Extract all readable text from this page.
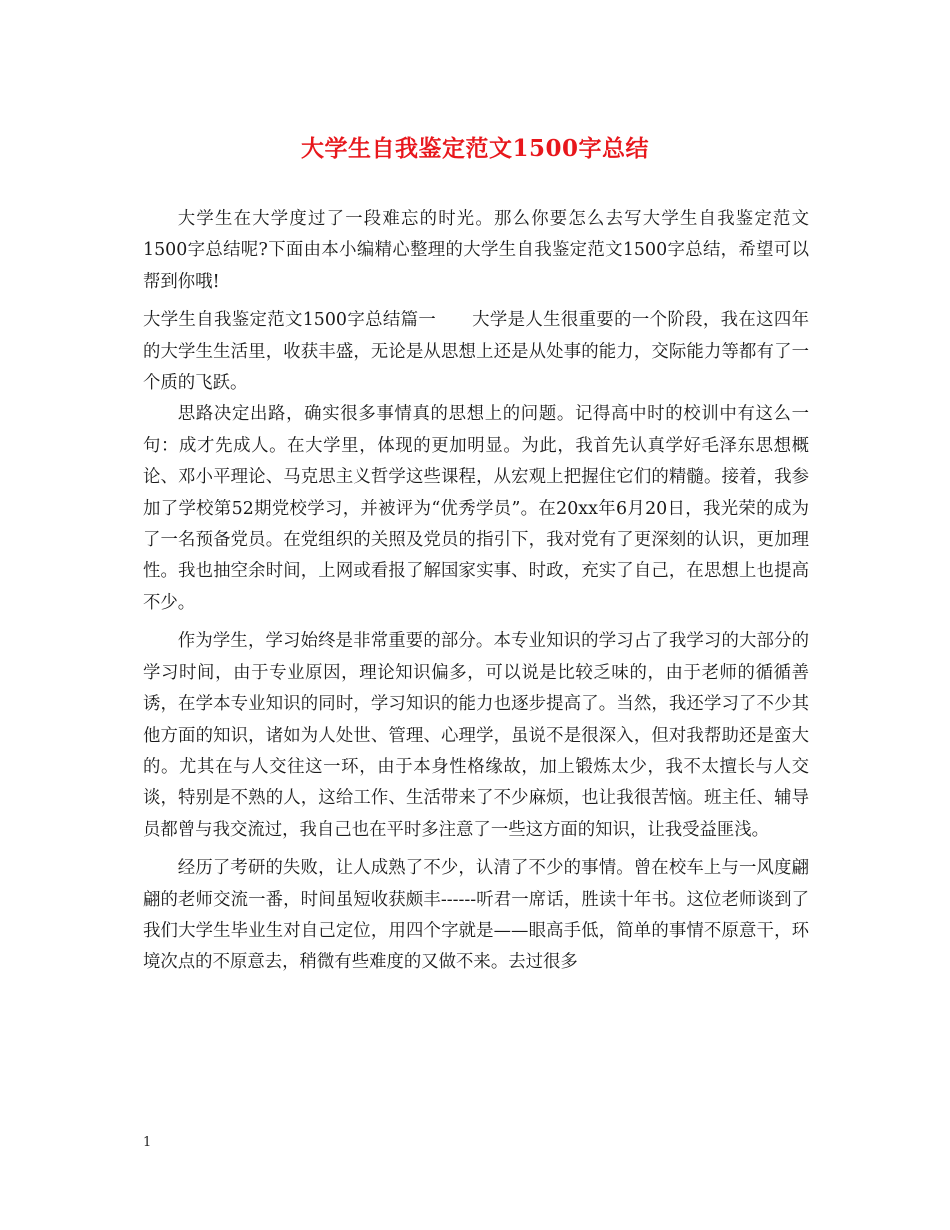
大学生自我鉴定范文1500字总结

大学生在大学度过了一段难忘的时光。那么你要怎么去写大学生自我鉴定范文1500字总结呢?下面由本小编精心整理的大学生自我鉴定范文1500字总结，希望可以帮到你哦!

大学生自我鉴定范文1500字总结篇一 大学是人生很重要的一个阶段，我在这四年的大学生生活里，收获丰盛，无论是从思想上还是从处事的能力，交际能力等都有了一个质的飞跃。

思路决定出路，确实很多事情真的思想上的问题。记得高中时的校训中有这么一句：成才先成人。在大学里，体现的更加明显。为此，我首先认真学好毛泽东思想概论、邓小平理论、马克思主义哲学这些课程，从宏观上把握住它们的精髓。接着，我参加了学校第52期党校学习，并被评为“优秀学员”。在20xx年6月20日，我光荣的成为了一名预备党员。在党组织的关照及党员的指引下，我对党有了更深刻的认识，更加理性。我也抽空余时间，上网或看报了解国家实事、时政，充实了自己，在思想上也提高不少。

作为学生，学习始终是非常重要的部分。本专业知识的学习占了我学习的大部分的学习时间，由于专业原因，理论知识偏多，可以说是比较乏味的，由于老师的循循善诱，在学本专业知识的同时，学习知识的能力也逐步提高了。当然，我还学习了不少其他方面的知识，诸如为人处世、管理、心理学，虽说不是很深入，但对我帮助还是蛮大的。尤其在与人交往这一环，由于本身性格缘故，加上锻炼太少，我不太擅长与人交谈，特别是不熟的人，这给工作、生活带来了不少麻烦，也让我很苦恼。班主任、辅导员都曾与我交流过，我自己也在平时多注意了一些这方面的知识，让我受益匪浅。

经历了考研的失败，让人成熟了不少，认清了不少的事情。曾在校车上与一风度翩翩的老师交流一番，时间虽短收获颇丰------听君一席话，胜读十年书。这位老师谈到了我们大学生毕业生对自己定位，用四个字就是——眼高手低，简单的事情不原意干，环境次点的不原意去，稍微有些难度的又做不来。去过很多

1
